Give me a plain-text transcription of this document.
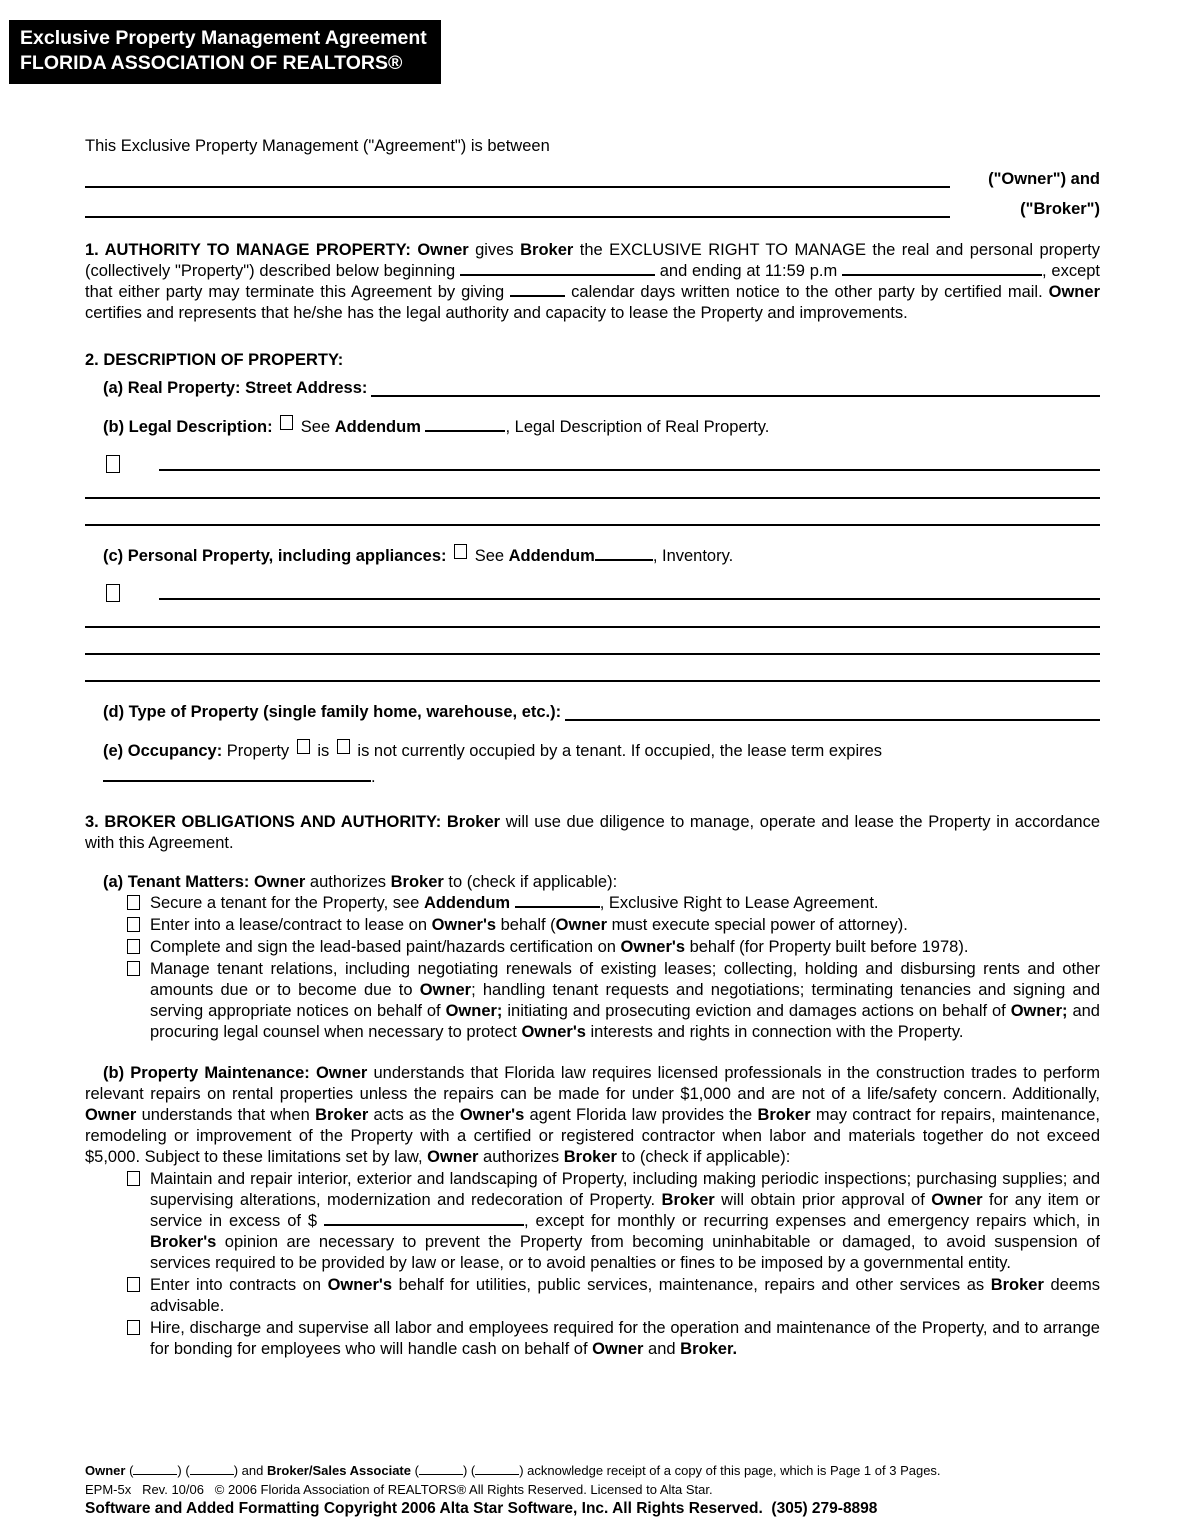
Exclusive Property Management Agreement
FLORIDA ASSOCIATION OF REALTORS®
This Exclusive Property Management ("Agreement") is between
("Owner") and
("Broker")
1. AUTHORITY TO MANAGE PROPERTY: Owner gives Broker the EXCLUSIVE RIGHT TO MANAGE the real and personal property (collectively "Property") described below beginning	and ending at 11:59 p.m	, except that either party may terminate this Agreement by giving	calendar days written notice to the other party by certified mail. Owner certifies and represents that he/she has the legal authority and capacity to lease the Property and improvements.
2. DESCRIPTION OF PROPERTY:
(a) Real Property: Street Address:
(b) Legal Description:  See Addendum	, Legal Description of Real Property.
(c) Personal Property, including appliances:  See Addendum	, Inventory.
(d) Type of Property (single family home, warehouse, etc.):
(e) Occupancy: Property  is  is not currently occupied by a tenant. If occupied, the lease term expires
.
3. BROKER OBLIGATIONS AND AUTHORITY: Broker will use due diligence to manage, operate and lease the Property in accordance with this Agreement.
(a) Tenant Matters: Owner authorizes Broker to (check if applicable):
Secure a tenant for the Property, see Addendum	, Exclusive Right to Lease Agreement.
Enter into a lease/contract to lease on Owner's behalf (Owner must execute special power of attorney).
Complete and sign the lead-based paint/hazards certification on Owner's behalf (for Property built before 1978).
Manage tenant relations, including negotiating renewals of existing leases; collecting, holding and disbursing rents and other amounts due or to become due to Owner; handling tenant requests and negotiations; terminating tenancies and signing and serving appropriate notices on behalf of Owner; initiating and prosecuting eviction and damages actions on behalf of Owner; and procuring legal counsel when necessary to protect Owner's interests and rights in connection with the Property.
(b) Property Maintenance: Owner understands that Florida law requires licensed professionals in the construction trades to perform relevant repairs on rental properties unless the repairs can be made for under $1,000 and are not of a life/safety concern. Additionally, Owner understands that when Broker acts as the Owner's agent Florida law provides the Broker may contract for repairs, maintenance, remodeling or improvement of the Property with a certified or registered contractor when labor and materials together do not exceed $5,000. Subject to these limitations set by law, Owner authorizes Broker to (check if applicable):
Maintain and repair interior, exterior and landscaping of Property, including making periodic inspections; purchasing supplies; and supervising alterations, modernization and redecoration of Property. Broker will obtain prior approval of Owner for any item or service in excess of $	, except for monthly or recurring expenses and emergency repairs which, in Broker's opinion are necessary to prevent the Property from becoming uninhabitable or damaged, to avoid suspension of services required to be provided by law or lease, or to avoid penalties or fines to be imposed by a governmental entity.
Enter into contracts on Owner's behalf for utilities, public services, maintenance, repairs and other services as Broker deems advisable.
Hire, discharge and supervise all labor and employees required for the operation and maintenance of the Property, and to arrange for bonding for employees who will handle cash on behalf of Owner and Broker.
Owner (	) (	) and Broker/Sales Associate (	) (	) acknowledge receipt of a copy of this page, which is Page 1 of 3 Pages.
EPM-5x   Rev. 10/06   © 2006 Florida Association of REALTORS® All Rights Reserved. Licensed to Alta Star.
Software and Added Formatting Copyright 2006 Alta Star Software, Inc. All Rights Reserved.  (305) 279-8898
